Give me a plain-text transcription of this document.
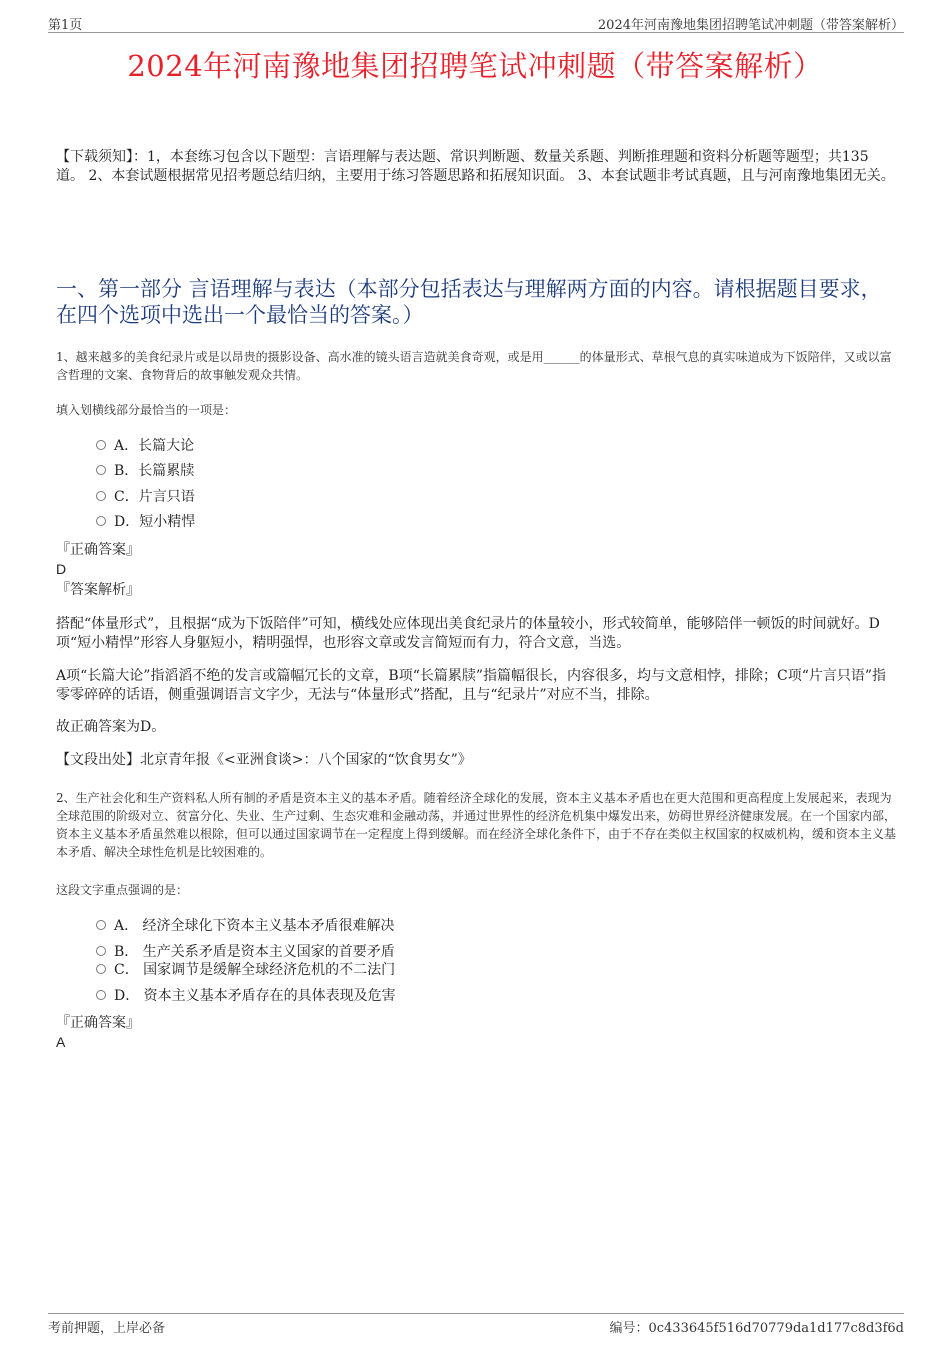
第1页	2024年河南豫地集团招聘笔试冲刺题（带答案解析）
2024年河南豫地集团招聘笔试冲刺题（带答案解析）
【下载须知】：1，本套练习包含以下题型：言语理解与表达题、常识判断题、数量关系题、判断推理题和资料分析题等题型；共135道。 2、本套试题根据常见招考题总结归纳，主要用于练习答题思路和拓展知识面。 3、本套试题非考试真题，且与河南豫地集团无关。
一、第一部分 言语理解与表达（本部分包括表达与理解两方面的内容。请根据题目要求，在四个选项中选出一个最恰当的答案。）
1、越来越多的美食纪录片或是以昂贵的摄影设备、高水准的镜头语言造就美食奇观，或是用______的体量形式、草根气息的真实味道成为下饭陪伴，又或以富含哲理的文案、食物背后的故事触发观众共情。
填入划横线部分最恰当的一项是：
A．长篇大论
B．长篇累牍
C．片言只语
D．短小精悍
『正确答案』
D
『答案解析』
搭配“体量形式”，且根据“成为下饭陪伴”可知，横线处应体现出美食纪录片的体量较小，形式较简单，能够陪伴一顿饭的时间就好。D项“短小精悍”形容人身躯短小，精明强悍，也形容文章或发言简短而有力，符合文意，当选。
A项“长篇大论”指滔滔不绝的发言或篇幅冗长的文章，B项“长篇累牍”指篇幅很长，内容很多，均与文意相悖，排除；C项“片言只语”指零零碎碎的话语，侧重强调语言文字少，无法与“体量形式”搭配，且与“纪录片”对应不当，排除。
故正确答案为D。
【文段出处】北京青年报《<亚洲食谈>：八个国家的“饮食男女”》
2、生产社会化和生产资料私人所有制的矛盾是资本主义的基本矛盾。随着经济全球化的发展，资本主义基本矛盾也在更大范围和更高程度上发展起来，表现为全球范围的阶级对立、贫富分化、失业、生产过剩、生态灾难和金融动荡，并通过世界性的经济危机集中爆发出来，妨碍世界经济健康发展。在一个国家内部，资本主义基本矛盾虽然难以根除，但可以通过国家调节在一定程度上得到缓解。而在经济全球化条件下，由于不存在类似主权国家的权威机构，缓和资本主义基本矛盾、解决全球性危机是比较困难的。
这段文字重点强调的是：
A． 经济全球化下资本主义基本矛盾很难解决
B． 生产关系矛盾是资本主义国家的首要矛盾
C． 国家调节是缓解全球经济危机的不二法门
D． 资本主义基本矛盾存在的具体表现及危害
『正确答案』
A
考前押题，上岸必备	编号：0c433645f516d70779da1d177c8d3f6d
